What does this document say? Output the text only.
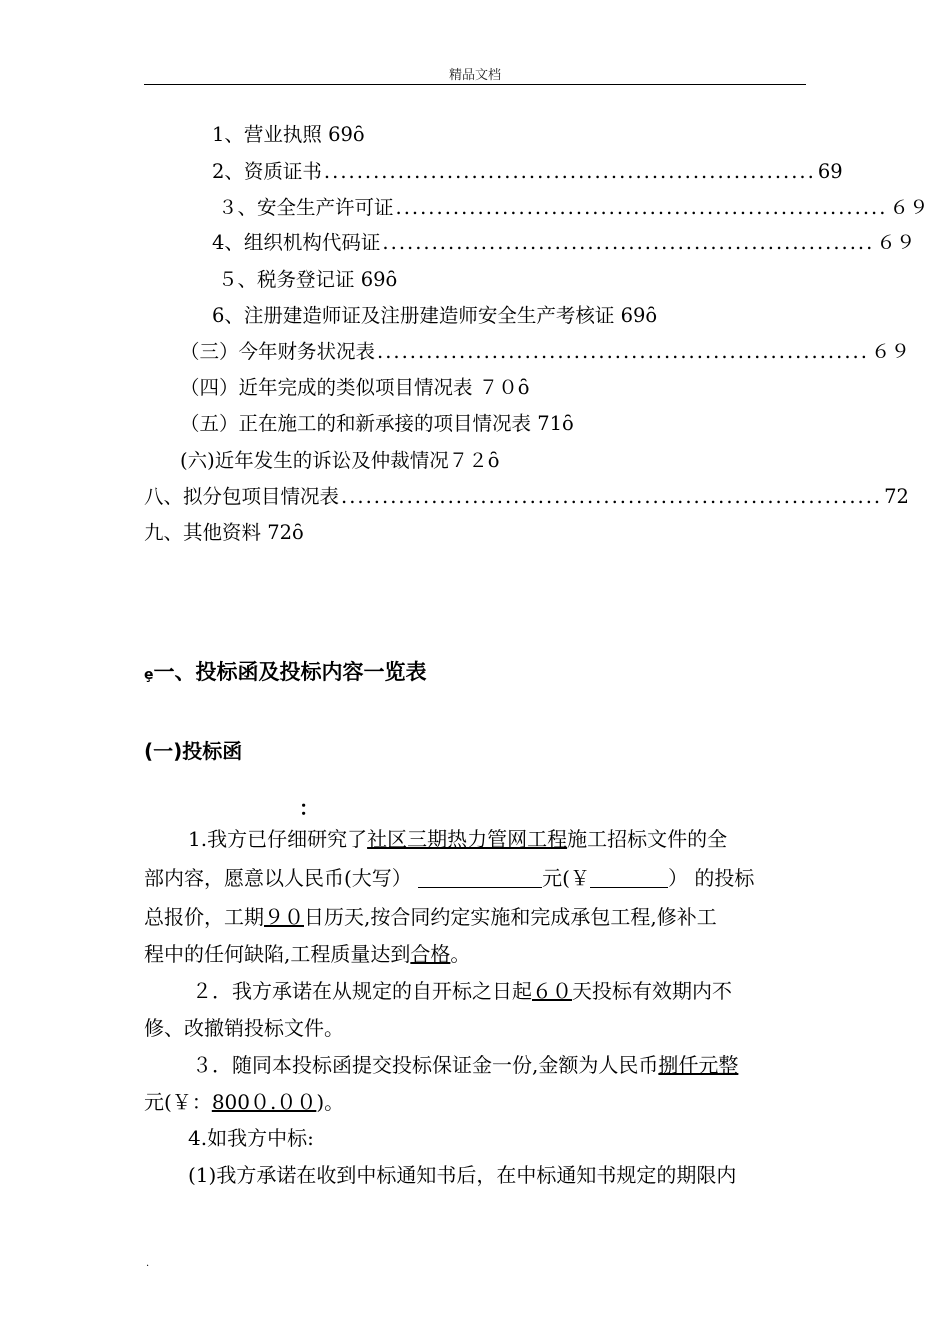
精品文档
1、营业执照 69 ȏ
2、资质证书 ............................................................ 69
３、安全生产许可证 ............................................................ ６９
4、组织机构代码证 ............................................................ ６９
５、税务登记证 69 ȏ
6、注册建造师证及注册建造师安全生产考核证 69 ȏ
（三）今年财务状况表 ............................................................ ６９
（四）近年完成的类似项目情况表 ７０ ȏ
（五）正在施工的和新承接的项目情况表 71 ȏ
(六)近年发生的诉讼及仲裁情况７２ ȏ
八、拟分包项目情况表 .................................................................. 72
九、其他资料 72 ȏ
ȩ一、投标函及投标内容一览表
(一)投标函
：
1.我方已仔细研究了社区三期热力管网工程施工招标文件的全
部内容，愿意以人民币(大写）	元(￥	） 的投标
总报价，工期９０日历天,按合同约定实施和完成承包工程,修补工
程中的任何缺陷,工程质量达到合格。
２．我方承诺在从规定的自开标之日起６０天投标有效期内不
修、改撤销投标文件。
３．随同本投标函提交投标保证金一份,金额为人民币捌仟元整
元(￥：800０.００)。
4.如我方中标:
(1)我方承诺在收到中标通知书后，在中标通知书规定的期限内
.
